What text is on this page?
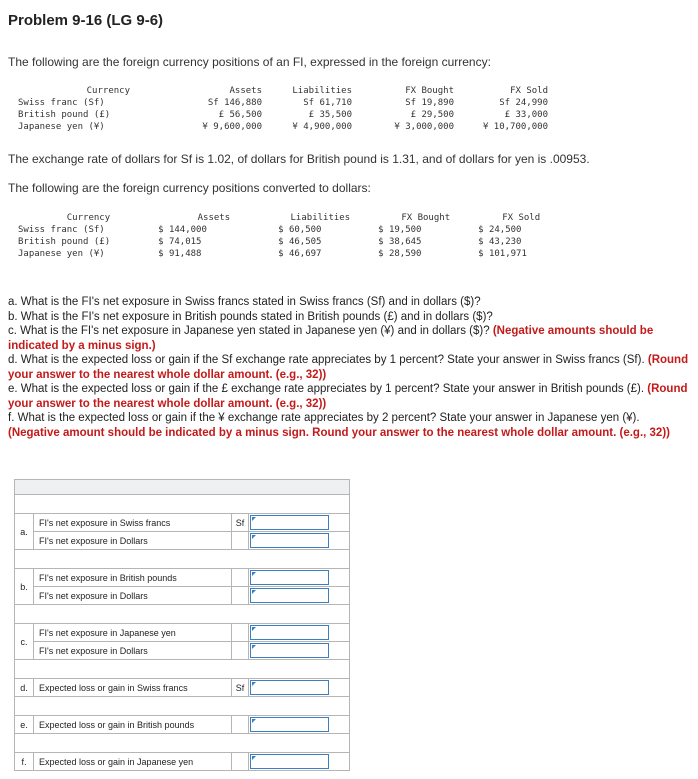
Problem 9-16 (LG 9-6)
The following are the foreign currency positions of an FI, expressed in the foreign currency:
Currency	Assets	Liabilities	FX Bought	FX Sold
Swiss franc (Sf)	Sf 146,880	Sf 61,710	Sf 19,890	Sf 24,990
British pound (£)	£ 56,500	£ 35,500	£ 29,500	£ 33,000
Japanese yen (¥)	¥ 9,600,000	¥ 4,900,000	¥ 3,000,000	¥ 10,700,000
The exchange rate of dollars for Sf is 1.02, of dollars for British pound is 1.31, and of dollars for yen is .00953.
The following are the foreign currency positions converted to dollars:
Currency	Assets	Liabilities	FX Bought	FX Sold
Swiss franc (Sf)	$ 144,000	$ 60,500	$ 19,500	$ 24,500
British pound (£)	$ 74,015	$ 46,505	$ 38,645	$ 43,230
Japanese yen (¥)	$ 91,488	$ 46,697	$ 28,590	$ 101,971
a. What is the FI's net exposure in Swiss francs stated in Swiss francs (Sf) and in dollars ($)?
b. What is the FI's net exposure in British pounds stated in British pounds (£) and in dollars ($)?
c. What is the FI's net exposure in Japanese yen stated in Japanese yen (¥) and in dollars ($)? (Negative amounts should be indicated by a minus sign.)
d. What is the expected loss or gain if the Sf exchange rate appreciates by 1 percent? State your answer in Swiss francs (Sf). (Round your answer to the nearest whole dollar amount. (e.g., 32))
e. What is the expected loss or gain if the £ exchange rate appreciates by 1 percent? State your answer in British pounds (£). (Round your answer to the nearest whole dollar amount. (e.g., 32))
f. What is the expected loss or gain if the ¥ exchange rate appreciates by 2 percent? State your answer in Japanese yen (¥). (Negative amount should be indicated by a minus sign. Round your answer to the nearest whole dollar amount. (e.g., 32))

a.	FI's net exposure in Swiss francs	Sf	

	FI's net exposure in Dollars		

b.	FI's net exposure in British pounds		

	FI's net exposure in Dollars		

c.	FI's net exposure in Japanese yen		

	FI's net exposure in Dollars		

d.	Expected loss or gain in Swiss francs	Sf	

e.	Expected loss or gain in British pounds		

f.	Expected loss or gain in Japanese yen		
